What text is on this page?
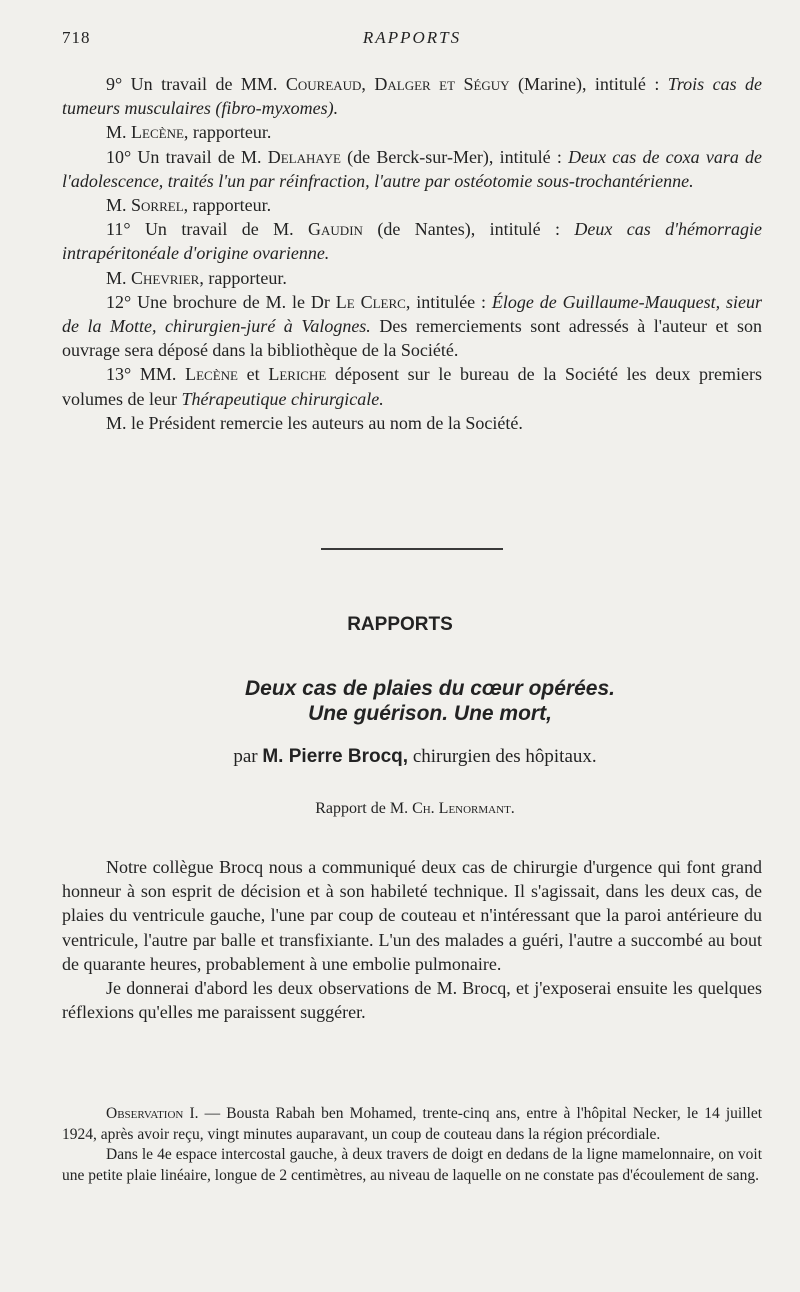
718	RAPPORTS

9° Un travail de MM. Coureaud, Dalger et Séguy (Marine), intitulé : Trois cas de tumeurs musculaires (fibro-myxomes).

M. Lecène, rapporteur.

10° Un travail de M. Delahaye (de Berck-sur-Mer), intitulé : Deux cas de coxa vara de l'adolescence, traités l'un par réinfraction, l'autre par ostéotomie sous-trochantérienne.

M. Sorrel, rapporteur.

11° Un travail de M. Gaudin (de Nantes), intitulé : Deux cas d'hémorragie intrapéritonéale d'origine ovarienne.

M. Chevrier, rapporteur.

12° Une brochure de M. le Dr Le Clerc, intitulée : Éloge de Guillaume-Mauquest, sieur de la Motte, chirurgien-juré à Valognes. Des remerciements sont adressés à l'auteur et son ouvrage sera déposé dans la bibliothèque de la Société.

13° MM. Lecène et Leriche déposent sur le bureau de la Société les deux premiers volumes de leur Thérapeutique chirurgicale.

M. le Président remercie les auteurs au nom de la Société.

RAPPORTS
Deux cas de plaies du cœur opérées.
Une guérison. Une mort,
par M. Pierre Brocq, chirurgien des hôpitaux.
Rapport de M. Ch. Lenormant.

Notre collègue Brocq nous a communiqué deux cas de chirurgie d'urgence qui font grand honneur à son esprit de décision et à son habileté technique. Il s'agissait, dans les deux cas, de plaies du ventricule gauche, l'une par coup de couteau et n'intéressant que la paroi antérieure du ventricule, l'autre par balle et transfixiante. L'un des malades a guéri, l'autre a succombé au bout de quarante heures, probablement à une embolie pulmonaire.

Je donnerai d'abord les deux observations de M. Brocq, et j'exposerai ensuite les quelques réflexions qu'elles me paraissent suggérer.

Observation I. — Bousta Rabah ben Mohamed, trente-cinq ans, entre à l'hôpital Necker, le 14 juillet 1924, après avoir reçu, vingt minutes auparavant, un coup de couteau dans la région précordiale.

Dans le 4e espace intercostal gauche, à deux travers de doigt en dedans de la ligne mamelonnaire, on voit une petite plaie linéaire, longue de 2 centimètres, au niveau de laquelle on ne constate pas d'écoulement de sang.
